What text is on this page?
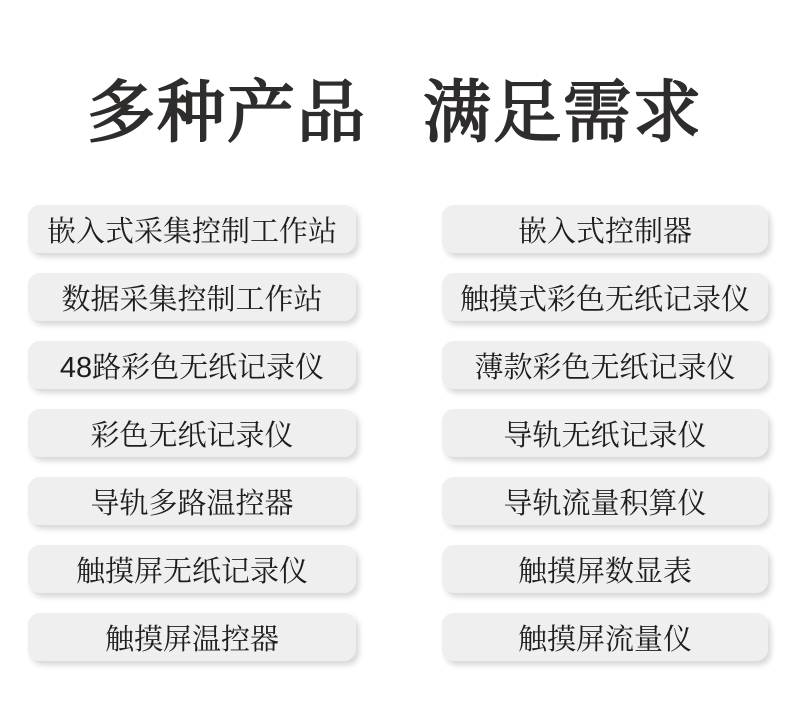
多种产品 满足需求
嵌入式采集控制工作站
数据采集控制工作站
48路彩色无纸记录仪
彩色无纸记录仪
导轨多路温控器
触摸屏无纸记录仪
触摸屏温控器
嵌入式控制器
触摸式彩色无纸记录仪
薄款彩色无纸记录仪
导轨无纸记录仪
导轨流量积算仪
触摸屏数显表
触摸屏流量仪
